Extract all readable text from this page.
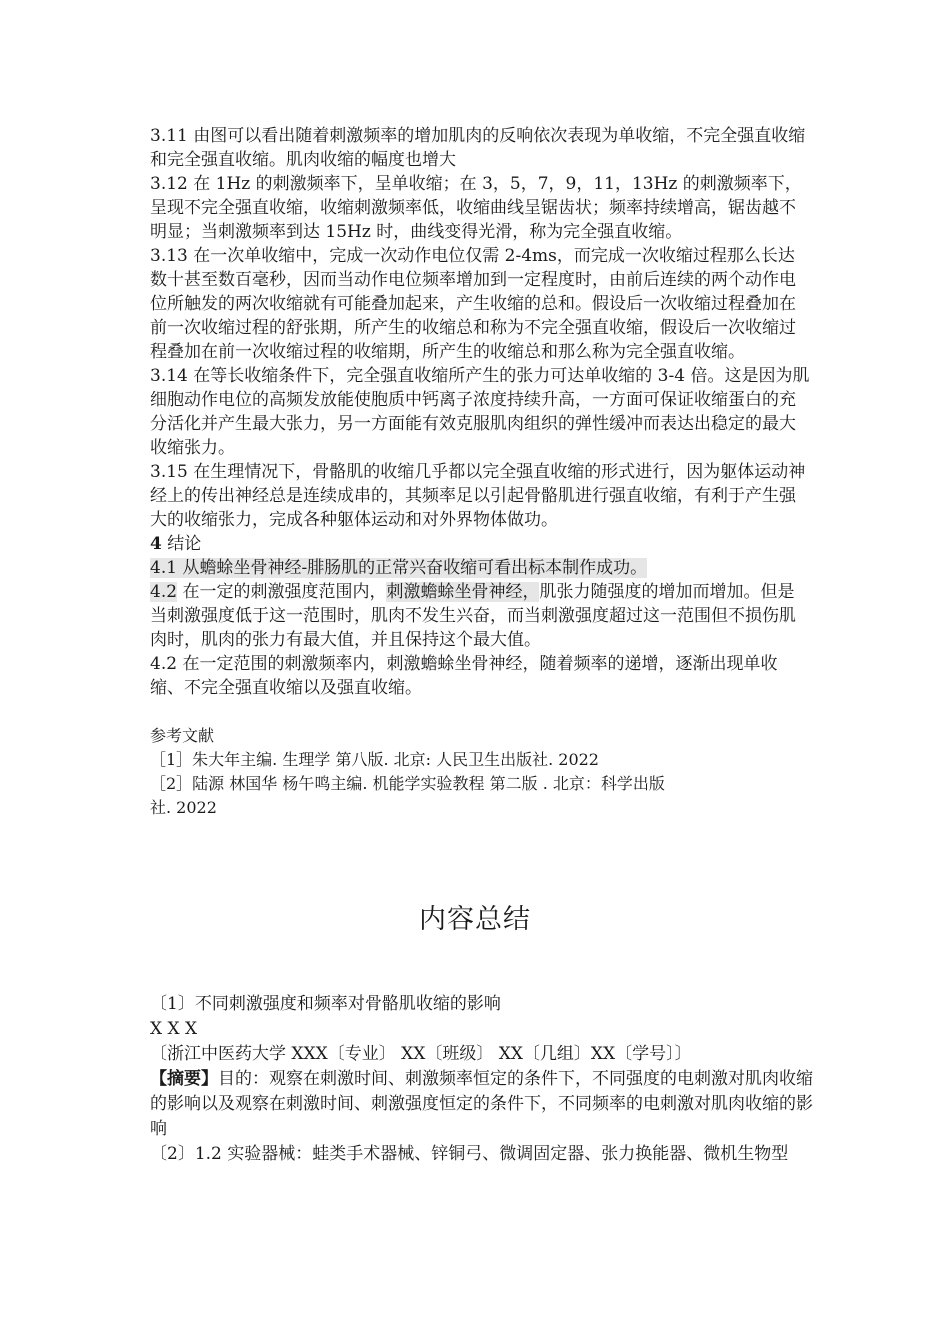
3.11 由图可以看出随着刺激频率的增加肌肉的反响依次表现为单收缩，不完全强直收缩和完全强直收缩。肌肉收缩的幅度也增大

3.12 在 1Hz 的刺激频率下，呈单收缩；在 3，5，7，9，11，13Hz 的刺激频率下，呈现不完全强直收缩，收缩刺激频率低，收缩曲线呈锯齿状；频率持续增高，锯齿越不明显；当刺激频率到达 15Hz 时，曲线变得光滑，称为完全强直收缩。

3.13 在一次单收缩中，完成一次动作电位仅需 2-4ms，而完成一次收缩过程那么长达数十甚至数百毫秒，因而当动作电位频率增加到一定程度时，由前后连续的两个动作电位所触发的两次收缩就有可能叠加起来，产生收缩的总和。假设后一次收缩过程叠加在前一次收缩过程的舒张期，所产生的收缩总和称为不完全强直收缩，假设后一次收缩过程叠加在前一次收缩过程的收缩期，所产生的收缩总和那么称为完全强直收缩。

3.14 在等长收缩条件下，完全强直收缩所产生的张力可达单收缩的 3-4 倍。这是因为肌细胞动作电位的高频发放能使胞质中钙离子浓度持续升高，一方面可保证收缩蛋白的充分活化并产生最大张力，另一方面能有效克服肌肉组织的弹性缓冲而表达出稳定的最大收缩张力。

3.15 在生理情况下，骨骼肌的收缩几乎都以完全强直收缩的形式进行，因为躯体运动神经上的传出神经总是连续成串的，其频率足以引起骨骼肌进行强直收缩，有利于产生强大的收缩张力，完成各种躯体运动和对外界物体做功。

4 结论

4.1 从蟾蜍坐骨神经-腓肠肌的正常兴奋收缩可看出标本制作成功。

4.2 在一定的刺激强度范围内，刺激蟾蜍坐骨神经，肌张力随强度的增加而增加。但是当刺激强度低于这一范围时，肌肉不发生兴奋，而当刺激强度超过这一范围但不损伤肌肉时，肌肉的张力有最大值，并且保持这个最大值。

4.2 在一定范围的刺激频率内，刺激蟾蜍坐骨神经，随着频率的递增，逐渐出现单收缩、不完全强直收缩以及强直收缩。

参考文献

［1］朱大年主编. 生理学 第八版. 北京: 人民卫生出版社. 2022

［2］陆源 林国华 杨午鸣主编. 机能学实验教程 第二版 . 北京：科学出版

社. 2022

内容总结

〔1〕不同刺激强度和频率对骨骼肌收缩的影响

X X X

〔浙江中医药大学 XXX〔专业〕 XX〔班级〕 XX〔几组〕XX〔学号〕〕

【摘要】目的：观察在刺激时间、刺激频率恒定的条件下，不同强度的电刺激对肌肉收缩的影响以及观察在刺激时间、刺激强度恒定的条件下，不同频率的电刺激对肌肉收缩的影响

〔2〕1.2 实验器械：蛙类手术器械、锌铜弓、微调固定器、张力换能器、微机生物型
